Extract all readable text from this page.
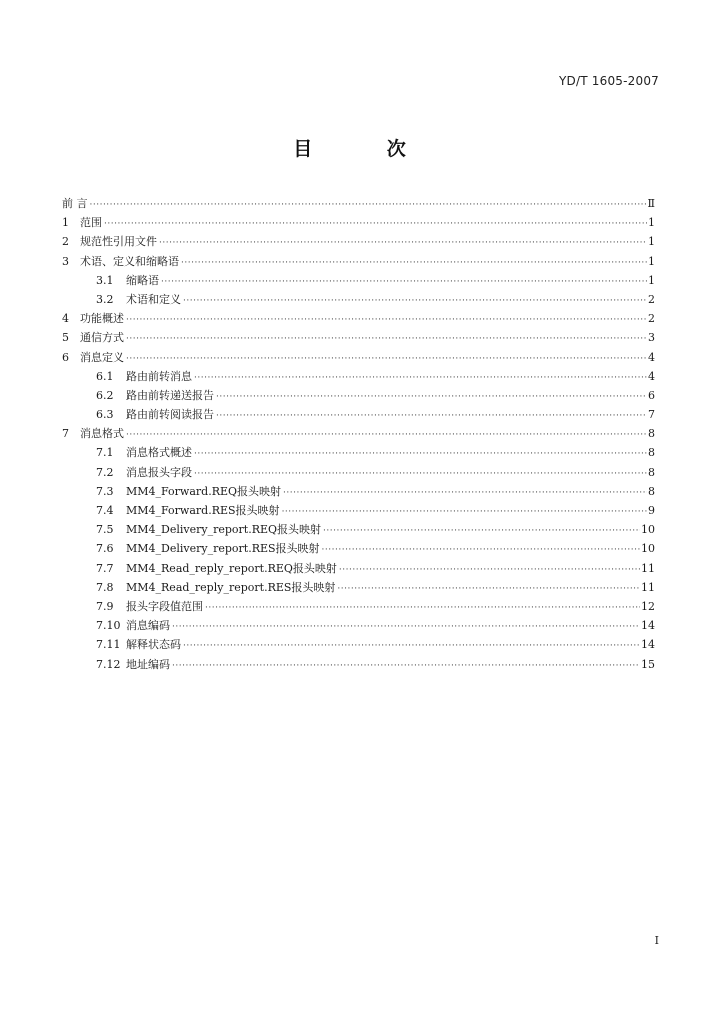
YD/T 1605-2007
目 次
前 言 ·····	Ⅱ
1	范围 ·····	1
2	规范性引用文件 ·····	1
3	术语、定义和缩略语 ·····	1
3.1	缩略语 ·····	1
3.2	术语和定义 ·····	2
4	功能概述 ·····	2
5	通信方式 ·····	3
6	消息定义 ·····	4
6.1	路由前转消息 ·····	4
6.2	路由前转递送报告 ·····	6
6.3	路由前转阅读报告 ·····	7
7	消息格式 ·····	8
7.1	消息格式概述 ·····	8
7.2	消息报头字段 ·····	8
7.3	MM4_Forward.REQ报头映射 ·····	8
7.4	MM4_Forward.RES报头映射 ·····	9
7.5	MM4_Delivery_report.REQ报头映射 ·····	10
7.6	MM4_Delivery_report.RES报头映射 ·····	10
7.7	MM4_Read_reply_report.REQ报头映射 ·····	11
7.8	MM4_Read_reply_report.RES报头映射 ·····	11
7.9	报头字段值范围 ·····	12
7.10 消息编码 ·····	14
7.11 解释状态码 ·····	14
7.12 地址编码 ·····	15
I
